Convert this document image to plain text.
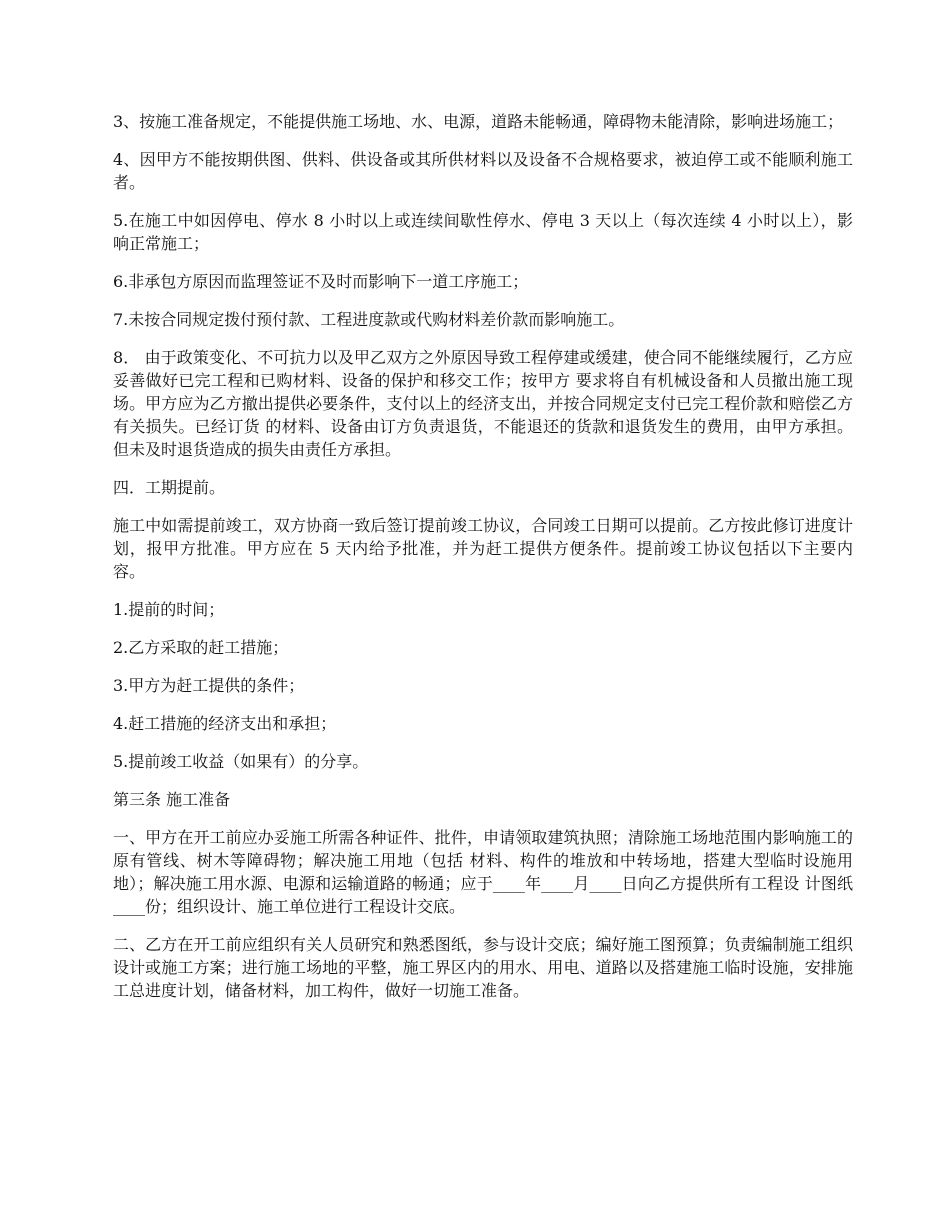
3、按施工准备规定，不能提供施工场地、水、电源，道路未能畅通，障碍物未能清除，影响进场施工；

4、因甲方不能按期供图、供料、供设备或其所供材料以及设备不合规格要求，被迫停工或不能顺利施工者。

5.在施工中如因停电、停水 8 小时以上或连续间歇性停水、停电 3 天以上（每次连续 4 小时以上），影响正常施工；

6.非承包方原因而监理签证不及时而影响下一道工序施工；

7.未按合同规定拨付预付款、工程进度款或代购材料差价款而影响施工。

8． 由于政策变化、不可抗力以及甲乙双方之外原因导致工程停建或缓建，使合同不能继续履行，乙方应妥善做好已完工程和已购材料、设备的保护和移交工作；按甲方 要求将自有机械设备和人员撤出施工现场。甲方应为乙方撤出提供必要条件，支付以上的经济支出，并按合同规定支付已完工程价款和赔偿乙方有关损失。已经订货 的材料、设备由订方负责退货，不能退还的货款和退货发生的费用，由甲方承担。但未及时退货造成的损失由责任方承担。

四．工期提前。

施工中如需提前竣工，双方协商一致后签订提前竣工协议，合同竣工日期可以提前。乙方按此修订进度计划，报甲方批准。甲方应在 5 天内给予批准，并为赶工提供方便条件。提前竣工协议包括以下主要内容。

1.提前的时间；

2.乙方采取的赶工措施；

3.甲方为赶工提供的条件；

4.赶工措施的经济支出和承担；

5.提前竣工收益（如果有）的分享。

第三条 施工准备

一、甲方在开工前应办妥施工所需各种证件、批件，申请领取建筑执照；清除施工场地范围内影响施工的原有管线、树木等障碍物；解决施工用地（包括 材料、构件的堆放和中转场地，搭建大型临时设施用地）；解决施工用水源、电源和运输道路的畅通；应于____年____月____日向乙方提供所有工程设 计图纸____份；组织设计、施工单位进行工程设计交底。

二、乙方在开工前应组织有关人员研究和熟悉图纸，参与设计交底；编好施工图预算；负责编制施工组织设计或施工方案；进行施工场地的平整，施工界区内的用水、用电、道路以及搭建施工临时设施，安排施工总进度计划，储备材料，加工构件，做好一切施工准备。
